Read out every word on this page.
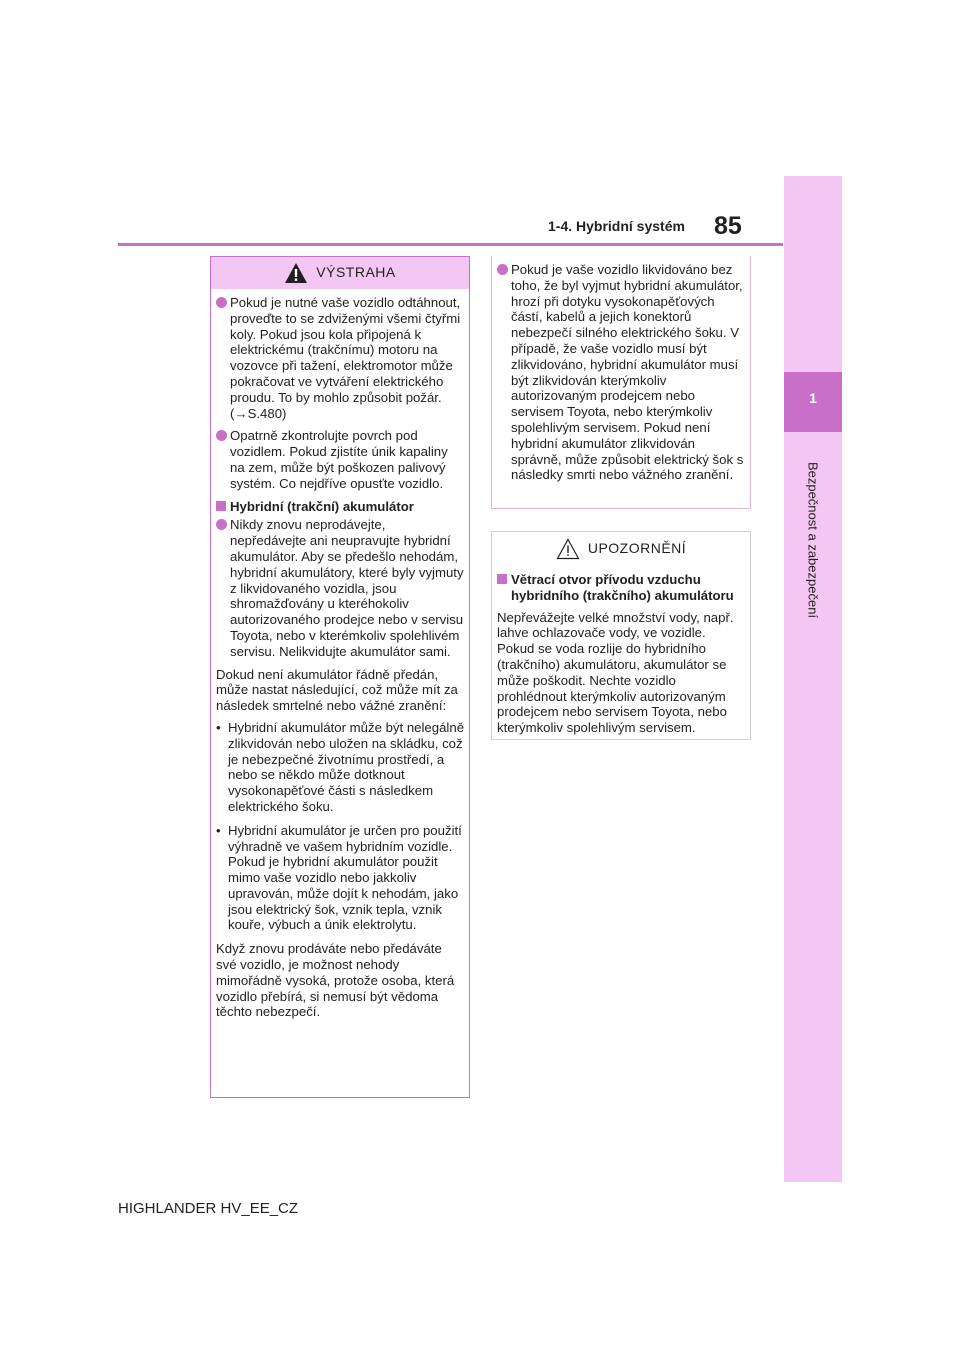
1-4. Hybridní systém 85
1
Bezpečnost a zabezpečení
VÝSTRAHA
Pokud je nutné vaše vozidlo odtáhnout, proveďte to se zdviženými všemi čtyřmi koly. Pokud jsou kola připojená k elektrickému (trakčnímu) motoru na vozovce při tažení, elektromotor může pokračovat ve vytváření elektrického proudu. To by mohlo způsobit požár. (→S.480)
Opatrně zkontrolujte povrch pod vozidlem. Pokud zjistíte únik kapaliny na zem, může být poškozen palivový systém. Co nejdříve opusťte vozidlo.
Hybridní (trakční) akumulátor
Nikdy znovu neprodávejte, nepředávejte ani neupravujte hybridní akumulátor. Aby se předešlo nehodám, hybridní akumulátory, které byly vyjmuty z likvidovaného vozidla, jsou shromažďovány u kteréhokoliv autorizovaného prodejce nebo v servisu Toyota, nebo v kterémkoliv spolehlivém servisu. Nelikvidujte akumulátor sami.
Dokud není akumulátor řádně předán, může nastat následující, což může mít za následek smrtelné nebo vážné zranění:
• Hybridní akumulátor může být nelegálně zlikvidován nebo uložen na skládku, což je nebezpečné životnímu prostředí, a nebo se někdo může dotknout vysokonapěťové části s následkem elektrického šoku.
• Hybridní akumulátor je určen pro použití výhradně ve vašem hybridním vozidle. Pokud je hybridní akumulátor použit mimo vaše vozidlo nebo jakkoliv upravován, může dojít k nehodám, jako jsou elektrický šok, vznik tepla, vznik kouře, výbuch a únik elektrolytu.
Když znovu prodáváte nebo předáváte své vozidlo, je možnost nehody mimořádně vysoká, protože osoba, která vozidlo přebírá, si nemusí být vědoma těchto nebezpečí.
Pokud je vaše vozidlo likvidováno bez toho, že byl vyjmut hybridní akumulátor, hrozí při dotyku vysokonapěťových částí, kabelů a jejich konektorů nebezpečí silného elektrického šoku. V případě, že vaše vozidlo musí být zlikvidováno, hybridní akumulátor musí být zlikvidován kterýmkoliv autorizovaným prodejcem nebo servisem Toyota, nebo kterýmkoliv spolehlivým servisem. Pokud není hybridní akumulátor zlikvidován správně, může způsobit elektrický šok s následky smrti nebo vážného zranění.
UPOZORNĚNÍ
Větrací otvor přívodu vzduchu hybridního (trakčního) akumulátoru
Nepřevážejte velké množství vody, např. lahve ochlazovače vody, ve vozidle. Pokud se voda rozlije do hybridního (trakčního) akumulátoru, akumulátor se může poškodit. Nechte vozidlo prohlédnout kterýmkoliv autorizovaným prodejcem nebo servisem Toyota, nebo kterýmkoliv spolehlivým servisem.
HIGHLANDER HV_EE_CZ
